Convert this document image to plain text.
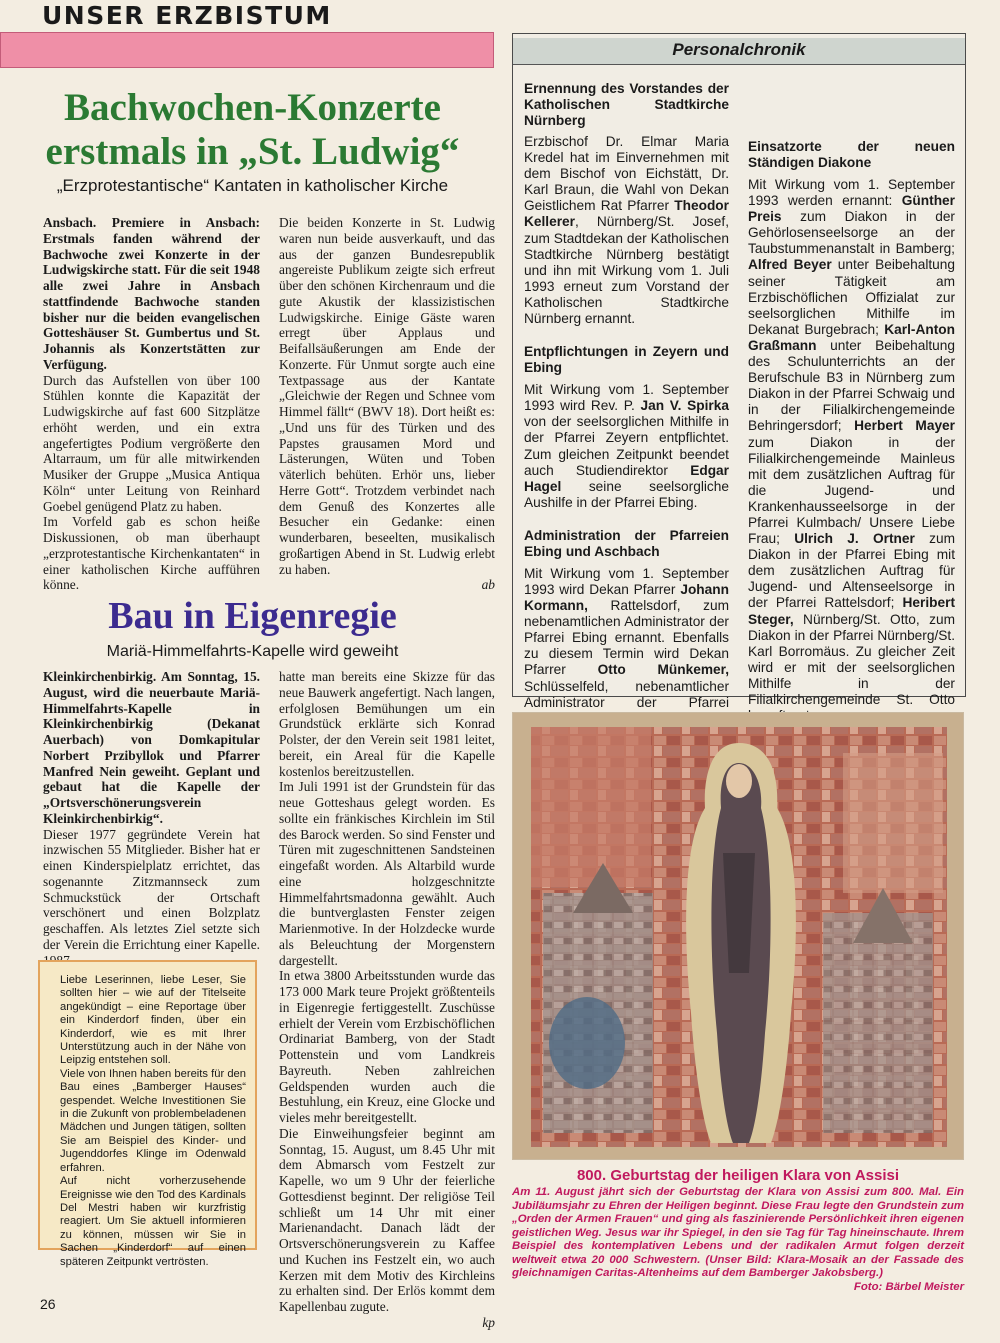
UNSER ERZBISTUM
Bachwochen-Konzerte
erstmals in „St. Ludwig“
„Erzprotestantische“ Kantaten in katholischer Kirche

Ansbach. Premiere in Ansbach: Erstmals fanden während der Bachwoche zwei Konzerte in der Ludwigskirche statt. Für die seit 1948 alle zwei Jahre in Ansbach stattfindende Bachwoche standen bisher nur die beiden evangelischen Gotteshäuser St. Gumbertus und St. Johannis als Konzertstätten zur Verfügung.

Durch das Aufstellen von über 100 Stühlen konnte die Kapazität der Ludwigskirche auf fast 600 Sitzplätze erhöht werden, und ein extra angefertigtes Podium vergrößerte den Altarraum, um für alle mitwirkenden Musiker der Gruppe „Musica Antiqua Köln“ unter Leitung von Reinhard Goebel genügend Platz zu haben.

Im Vorfeld gab es schon heiße Diskussionen, ob man überhaupt „erzprotestantische Kirchenkantaten“ in einer katholischen Kirche aufführen könne.

Die beiden Konzerte in St. Ludwig waren nun beide ausverkauft, und das aus der ganzen Bundesrepublik angereiste Publikum zeigte sich erfreut über den schönen Kirchenraum und die gute Akustik der klassizistischen Ludwigskirche. Einige Gäste waren erregt über Applaus und Beifallsäußerungen am Ende der Konzerte. Für Unmut sorgte auch eine Textpassage aus der Kantate „Gleichwie der Regen und Schnee vom Himmel fällt“ (BWV 18). Dort heißt es: „Und uns für des Türken und des Papstes grausamen Mord und Lästerungen, Wüten und Toben väterlich behüten. Erhör uns, lieber Herre Gott“. Trotzdem verbindet nach dem Genuß des Konzertes alle Besucher ein Gedanke: einen wunderbaren, beseelten, musikalisch großartigen Abend in St. Ludwig erlebt zu haben.

ab

Bau in Eigenregie
Mariä-Himmelfahrts-Kapelle wird geweiht

Kleinkirchenbirkig. Am Sonntag, 15. August, wird die neuerbaute Mariä-Himmelfahrts-Kapelle in Kleinkirchenbirkig (Dekanat Auerbach) von Domkapitular Norbert Przibyllok und Pfarrer Manfred Nein geweiht. Geplant und gebaut hat die Kapelle der „Ortsverschönerungsverein Kleinkirchenbirkig“.

Dieser 1977 gegründete Verein hat inzwischen 55 Mitglieder. Bisher hat er einen Kinderspielplatz errichtet, das sogenannte Zitzmannseck zum Schmuckstück der Ortschaft verschönert und einen Bolzplatz geschaffen. Als letztes Ziel setzte sich der Verein die Errichtung einer Kapelle.

hatte man bereits eine Skizze für das neue Bauwerk angefertigt. Nach langen, erfolglosen Bemühungen um ein Grundstück erklärte sich Konrad Polster, der den Verein seit 1981 leitet, bereit, ein Areal für die Kapelle kostenlos bereitzustellen.

Im Juli 1991 ist der Grundstein für das neue Gotteshaus gelegt worden. Es sollte ein fränkisches Kirchlein im Stil des Barock werden. So sind Fenster und Türen mit zugeschnittenen Sandsteinen eingefaßt worden. Als Altarbild wurde eine holzgeschnitzte Himmelfahrtsmadonna gewählt. Auch die buntverglasten Fenster zeigen Marienmotive. In der Holzdecke wurde als Beleuchtung der Morgenstern dargestellt.

In etwa 3800 Arbeitsstunden wurde das 173 000 Mark teure Projekt größtenteils in Eigenregie fertiggestellt. Zuschüsse erhielt der Verein vom Erzbischöflichen Ordinariat Bamberg, von der Stadt Pottenstein und vom Landkreis Bayreuth. Neben zahlreichen Geldspenden wurden auch die Bestuhlung, ein Kreuz, eine Glocke und vieles mehr bereitgestellt.

Die Einweihungsfeier beginnt am Sonntag, 15. August, um 8.45 Uhr mit dem Abmarsch vom Festzelt zur Kapelle, wo um 9 Uhr der feierliche Gottesdienst beginnt. Der religiöse Teil schließt um 14 Uhr mit einer Marienandacht. Danach lädt der Ortsverschönerungsverein zu Kaffee und Kuchen ins Festzelt ein, wo auch Kerzen mit dem Motiv des Kirchleins zu erhalten sind. Der Erlös kommt dem Kapellenbau zugute.

kp

Liebe Leserinnen, liebe Leser, Sie sollten hier – wie auf der Titelseite angekündigt – eine Reportage über ein Kinderdorf finden, über ein Kinderdorf, wie es mit Ihrer Unterstützung auch in der Nähe von Leipzig entstehen soll.

Viele von Ihnen haben bereits für den Bau eines „Bamberger Hauses“ gespendet. Welche Investitionen Sie in die Zukunft von problembeladenen Mädchen und Jungen tätigen, sollten Sie am Beispiel des Kinder- und Jugenddorfes Klinge im Odenwald erfahren.

Auf nicht vorherzusehende Ereignisse wie den Tod des Kardinals Del Mestri haben wir kurzfristig reagiert. Um Sie aktuell informieren zu können, müssen wir Sie in Sachen „Kinderdorf“ auf einen späteren Zeitpunkt vertrösten.

26
Personalchronik
Ernennung des Vorstandes der Katholischen Stadtkirche Nürnberg

Erzbischof Dr. Elmar Maria Kredel hat im Einvernehmen mit dem Bischof von Eichstätt, Dr. Karl Braun, die Wahl von Dekan Geistlichem Rat Pfarrer Theodor Kellerer, Nürnberg/St. Josef, zum Stadtdekan der Katholischen Stadtkirche Nürnberg bestätigt und ihn mit Wirkung vom 1. Juli 1993 erneut zum Vorstand der Katholischen Stadtkirche Nürnberg ernannt.

Entpflichtungen in Zeyern und Ebing

Mit Wirkung vom 1. September 1993 wird Rev. P. Jan V. Spirka von der seelsorglichen Mithilfe in der Pfarrei Zeyern entpflichtet. Zum gleichen Zeitpunkt beendet auch Studiendirektor Edgar Hagel seine seelsorgliche Aushilfe in der Pfarrei Ebing.

Administration der Pfarreien Ebing und Aschbach

Mit Wirkung vom 1. September 1993 wird Dekan Pfarrer Johann Kormann, Rattelsdorf, zum nebenamtlichen Administrator der Pfarrei Ebing ernannt. Ebenfalls zu diesem Termin wird Dekan Pfarrer Otto Münkemer, Schlüsselfeld, nebenamtlicher Administrator der Pfarrei

Einsatzorte der neuen Ständigen Diakone

Mit Wirkung vom 1. September 1993 werden ernannt: Günther Preis zum Diakon in der Gehörlosenseelsorge an der Taubstummenanstalt in Bamberg; Alfred Beyer unter Beibehaltung seiner Tätigkeit am Erzbischöflichen Offizialat zur seelsorglichen Mithilfe im Dekanat Burgebrach; Karl-Anton Graßmann unter Beibehaltung des Schulunterrichts an der Berufschule B3 in Nürnberg zum Diakon in der Pfarrei Schwaig und in der Filialkirchengemeinde Behringersdorf; Herbert Mayer zum Diakon in der Filialkirchengemeinde Mainleus mit dem zusätzlichen Auftrag für die Jugend- und Krankenhausseelsorge in der Pfarrei Kulmbach/ Unsere Liebe Frau; Ulrich J. Ortner zum Diakon in der Pfarrei Ebing mit dem zusätzlichen Auftrag für Jugend- und Altenseelsorge in der Pfarrei Rattelsdorf; Heribert Steger, Nürnberg/St. Otto, zum Diakon in der Pfarrei Nürnberg/St. Karl Borromäus. Zu gleicher Zeit wird er mit der seelsorglichen Mithilfe in der Filialkirchengemeinde St. Otto

800. Geburtstag der heiligen Klara von Assisi
Am 11. August jährt sich der Geburtstag der Klara von Assisi zum 800. Mal. Ein Jubiläumsjahr zu Ehren der Heiligen beginnt. Diese Frau legte den Grundstein zum „Orden der Armen Frauen“ und ging als faszinierende Persönlichkeit ihren eigenen geistlichen Weg. Jesus war ihr Spiegel, in den sie Tag für Tag hineinschaute. Ihrem Beispiel des kontemplativen Lebens und der radikalen Armut folgen derzeit weltweit etwa 20 000 Schwestern. (Unser Bild: Klara-Mosaik an der Fassade des gleichnamigen Caritas-Altenheims auf dem Bamberger Jakobsberg.)
Foto: Bärbel Meister
